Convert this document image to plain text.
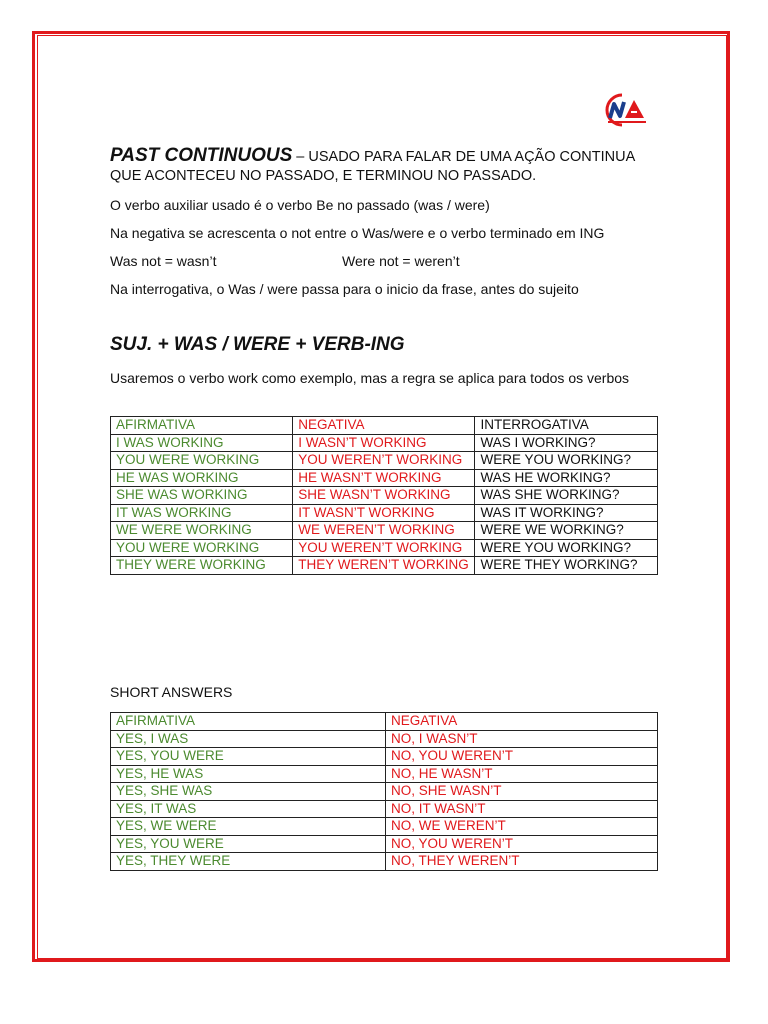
PAST CONTINUOUS – USADO PARA FALAR DE UMA AÇÃO CONTINUA QUE ACONTECEU NO PASSADO, E TERMINOU NO PASSADO.

O verbo auxiliar usado é o verbo Be no passado (was / were)

Na negativa se acrescenta o not entre o Was/were e o verbo terminado em ING

Was not = wasn’t	Were not = weren’t

Na interrogativa, o Was / were passa para o inicio da frase, antes do sujeito

SUJ. + WAS / WERE + VERB-ING

Usaremos o verbo work como exemplo, mas a regra se aplica para todos os verbos

AFIRMATIVA	NEGATIVA	INTERROGATIVA
I WAS WORKING	I WASN’T WORKING	WAS I WORKING?
YOU WERE WORKING	YOU WEREN’T WORKING	WERE YOU WORKING?
HE WAS WORKING	HE WASN’T WORKING	WAS HE WORKING?
SHE WAS WORKING	SHE WASN’T WORKING	WAS SHE WORKING?
IT WAS WORKING	IT WASN’T WORKING	WAS IT WORKING?
WE WERE WORKING	WE WEREN’T WORKING	WERE WE WORKING?
YOU WERE WORKING	YOU WEREN’T WORKING	WERE YOU WORKING?
THEY WERE WORKING	THEY WEREN’T WORKING	WERE THEY WORKING?
SHORT ANSWERS
AFIRMATIVA	NEGATIVA
YES, I WAS	NO, I WASN’T
YES, YOU WERE	NO, YOU WEREN’T
YES, HE WAS	NO, HE WASN’T
YES, SHE WAS	NO, SHE WASN’T
YES, IT WAS	NO, IT WASN’T
YES, WE WERE	NO, WE WEREN’T
YES, YOU WERE	NO, YOU WEREN’T
YES, THEY WERE	NO, THEY WEREN’T
